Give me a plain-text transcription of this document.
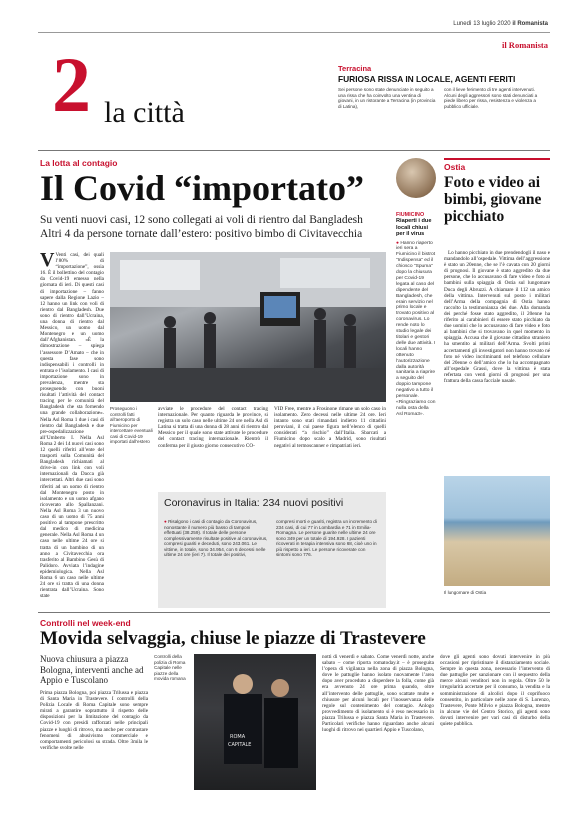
Lunedì 13 luglio 2020 il Romanista
2 la città
il Romanista
Terracina
FURIOSA RISSA IN LOCALE, AGENTI FERITI
Sei persone sono state denunciate in seguito a una rissa che ha coinvolto una ventina di giovani, in un ristorante a Terracina (in provincia di Latina),
con il lieve ferimento di tre agenti intervenuti. Alcuni degli aggressori sono stati denunciati a piede libero per rissa, resistenza e violenza a pubblico ufficiale.
La lotta al contagio
Il Covid “importato”
Su venti nuovi casi, 12 sono collegati ai voli di rientro dal Bangladesh Altri 4 da persone tornate dall’estero: positivo bimbo di Civitavecchia

V Venti casi, dei quali l’80% di “importazione”, ossia 16. È il bollettino del contagio da Covid-19 emesso nella giornata di ieri. Di questi casi di importazione – fanno sapere dalla Regione Lazio – 12 hanno un link con voli di rientro dal Bangladesh. Due sono di rientro dall’Ucraina, una donna di rientro dal Messico, un uomo dal Montenegro e un uomo dall’Afghanistan. «È la dimostrazione – spiega l’assessore D’Amato – che in questa fase sono indispensabili i controlli in entrata e l’isolamento. I casi di importazione sono in prevalenza, mentre sta proseguendo con buoni risultati l’attività del contact tracing per le comunità del Bangladesh che sta fornendo una grande collaborazione». Nella Asl Roma 1 due i casi di rientro dal Bangladesh e due pre-ospedalizzazione all’Umberto I. Nella Asl Roma 2 dei 14 nuovi casi sono 12 quelli riferiti all’ente del trasporti sulla Comunità del Bangladesh richiamati al drive-in con link con voli internazionali da Dacca già intercettati. Altri due casi sono riferiti ad un uomo di rientro dal Montenegro posto in isolamento e un uomo afgano ricoverato allo Spallanzani. Nella Asl Roma 3 un nuovo caso di un uomo di 75 anni positivo al tampone prescritto dal medico di medicina generale. Nella Asl Roma 4 un caso nelle ultime 24 ore si tratta di un bambino di un anno a Civitavecchia ora trasferito al Bambino Gesù di Palidoro. Avviata l’indagine epidemiologica. Nella Asl Roma 6 un caso nelle ultime 24 ore si tratta di una donna rientrata dall’Ucraina. Sono state

Proseguono i controlli fatti all’aeroporto di Fiumicino per intercettare eventuali casi di Covid-19 importati dall’estero

avviate le procedure del contact tracing internazionale. Per quanto riguarda le province, si registra un solo caso nelle ultime 24 ore nella Asl di Latina si tratta di una donna di 28 anni di rientro dal Messico per il quale sono state attivate le procedure del contact tracing internazionale. Rientrò il conferma per il giusto giorno consecutivo CO-

VID Free, mentre a Frosinone rimane un solo caso in isolamento. Zero decessi nelle ultime 24 ore. Ieri intanto sono stati rimandati indietro 11 cittadini peruviani, il cui paese figura nell’elenco di quelli considerati “a rischio” dall’Italia. Sbarcati a Fiumicino dopo scalo a Madrid, sono risultati negativi al termoscanner e rimpatriati ieri.

Coronavirus in Italia: 234 nuovi positivi
● Risalgono i casi di contagio da Coronavirus, nonostante il numero più basso di tamponi effettuati (38.259). Il totale delle persone complessivamente risultate positive al coronavirus, compresi guariti e deceduti, sono 243.061. Le vittime, in totale, sono 34.954, con 6 decessi nelle ultime 24 ore (ieri 7). Il totale dei positivi,
compresi morti e guariti, registra un incremento di 234 casi, di cui 77 in Lombardia e 71 in Emilia-Romagna. Le persone guarite nelle ultime 24 ore sono 349 per un totale di 194.928. I pazienti ricoverati in terapia intensiva sono 68, cioè uno in più rispetto a ieri. Le persone ricoverate con sintomi sono 776.
FIUMICINO
Riaperti i due locali chiusi per il virus
● Hanno riaperto ieri sera a Fiumicino il bistrot “Indispensa” ed il chiosco “Spuma” dopo la chiusura per Covid-19 legata al caso del dipendente del Bangladesh, che erain servizio nel primo locale e trovato positivo al coronavirus. Lo rende noto lo studio legale dei titolari e gestori delle due attività. I locali hanno ottenuto l’autorizzazione dalla autorità sanitaria a riaprire a seguito del doppio tampone negativo a tutto il personale. «Ringraziamo con nulla osta della Asl Roma3».
Ostia
Foto e video ai bimbi, giovane picchiato

Lo hanno picchiato in due prendendogli il naso e mandandolo all’ospedale. Vittima dell’aggressione è stato un 20enne, che se l’è cavata con 20 giorni di prognosi. Il giovane è stato aggredito da due persone, che lo accusavano di fare video e foto ai bambini sulla spiaggia di Ostia sul lungomare Duca degli Abruzzi. A chiamare il 112 un amico della vittima. Intervenuti sul posto i militari dell’Arma della compagnia di Ostia hanno raccolto la testimonianza dei due. Alla domanda dei perché fosse stato aggredito, il 20enne ha riferito ai carabinieri di essere stato picchiato da due uomini che lo accusavano di fare video e foto ai bambini che si trovavano in quel momento in spiaggia. Accusa che il giovane cittadino straniero ha smentito ai militari dell’Arma. Svolti primi accertamenti gli investigatori non hanno trovato né foto né video incriminanti nel telefono cellulare del 20enne o dell’amico che lo ha accompagnato all’ospedale Grassi, dove la vittima è stata refertata con venti giorni di prognosi per una frattura della cassa facciale nasale.

Il lungomare di Ostia
Controlli nel week-end
Movida selvaggia, chiuse le piazze di Trastevere
Nuova chiusura a piazza Bologna, interventi anche ad Appio e Tuscolano

Prima piazza Bologna, poi piazza Trilussa e piazza di Santa Maria in Trastevere. I controlli della Polizia Locale di Roma Capitale sono sempre mirati a garantire soprattutto il rispetto delle disposizioni per la limitazione del contagio da Covid-19 con presidi rafforzati nelle principali piazze e luoghi di ritrovo, ma anche per contrastare fenomeni di abusivismo commerciale e comportamenti pericolosi su strada. Oltre 3mila le verifiche svolte nelle

Controlli della polizia di Roma Capitale nelle piazze della movida romana
ROMA
CAPITALE

notti di venerdì e sabato. Come venerdì notte, anche sabato – come riporta romatoday.it – è proseguita l’opera di vigilanza nella zona di piazza Bologna, dove le pattuglie hanno isolato nuovamente l’area dopo aver proceduto a disperdere la folla, come già era avvenuto 24 ore prima quando, oltre all’intervento delle pattuglie, sono scattate multe e chiusure per alcuni locali per l’inosservanza delle regole sul contenimento del contagio. Anlogo provvedimento di isolamento si è reso necessario in piazza Trilussa e piazza Santa Maria in Trastevere. Particolari verifiche hanno riguardato anche alcuni luoghi di ritrovo nei quartieri Appio e Tuscolano,

dove gli agenti sono dovuti intervenire in più occasioni per ripristinare il distanziamento sociale. Sempre in questa zona, necessario l’intervento di due pattuglie per sanzionare con il sequestro della merce alcuni venditori non in regola. Oltre 50 le irregolarità accertate per il consumo, la vendita e la somministrazione di alcolici dopo il coprifuoco consentito, in particolare nelle zone di S. Lorenzo, Trastevere, Ponte Milvio e piazza Bologna, mentre in alcune vie del Centro Storico, gli agenti sono dovuti intervenire per vari casi di disturbo della quiete pubblica.
